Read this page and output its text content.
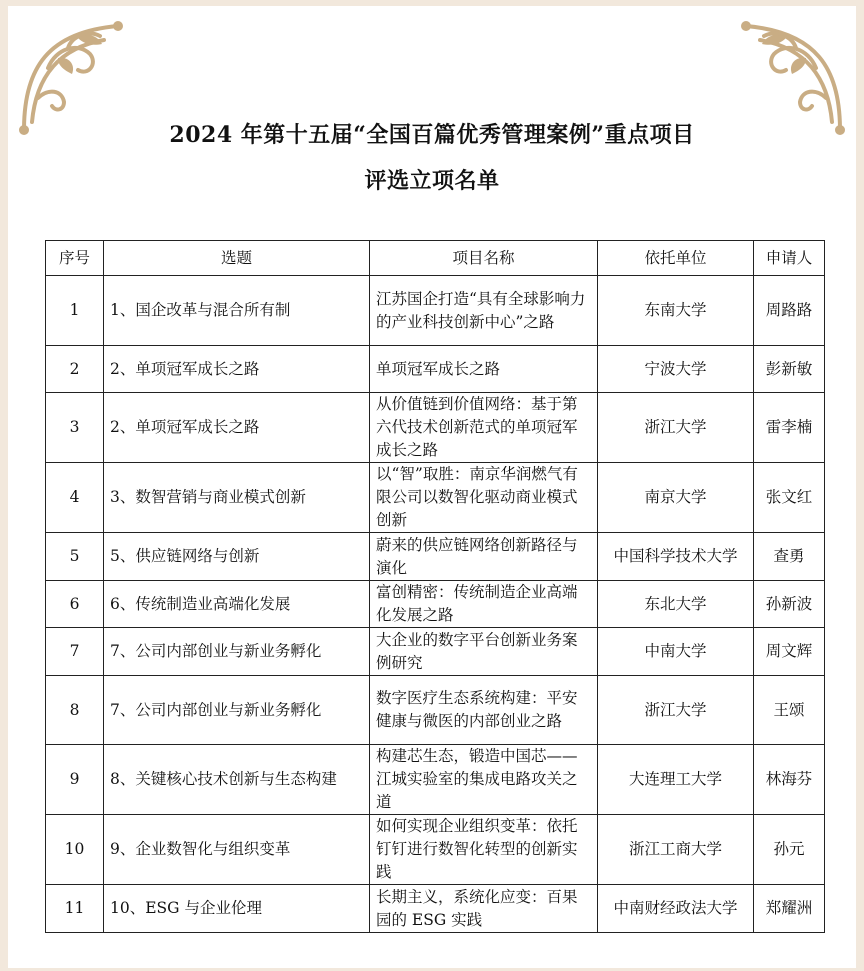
2024 年第十五届“全国百篇优秀管理案例”重点项目
评选立项名单
序号	选题	项目名称	依托单位	申请人
1	1、国企改革与混合所有制	江苏国企打造“具有全球影响力的产业科技创新中心”之路	东南大学	周路路
2	2、单项冠军成长之路	单项冠军成长之路	宁波大学	彭新敏
3	2、单项冠军成长之路	从价值链到价值网络：基于第六代技术创新范式的单项冠军成长之路	浙江大学	雷李楠
4	3、数智营销与商业模式创新	以“智”取胜：南京华润燃气有限公司以数智化驱动商业模式创新	南京大学	张文红
5	5、供应链网络与创新	蔚来的供应链网络创新路径与演化	中国科学技术大学	查勇
6	6、传统制造业高端化发展	富创精密：传统制造企业高端化发展之路	东北大学	孙新波
7	7、公司内部创业与新业务孵化	大企业的数字平台创新业务案例研究	中南大学	周文辉
8	7、公司内部创业与新业务孵化	数字医疗生态系统构建：平安健康与微医的内部创业之路	浙江大学	王颂
9	8、关键核心技术创新与生态构建	构建芯生态，锻造中国芯——江城实验室的集成电路攻关之道	大连理工大学	林海芬
10	9、企业数智化与组织变革	如何实现企业组织变革：依托钉钉进行数智化转型的创新实践	浙江工商大学	孙元
11	10、ESG 与企业伦理	长期主义，系统化应变：百果园的 ESG 实践	中南财经政法大学	郑耀洲
